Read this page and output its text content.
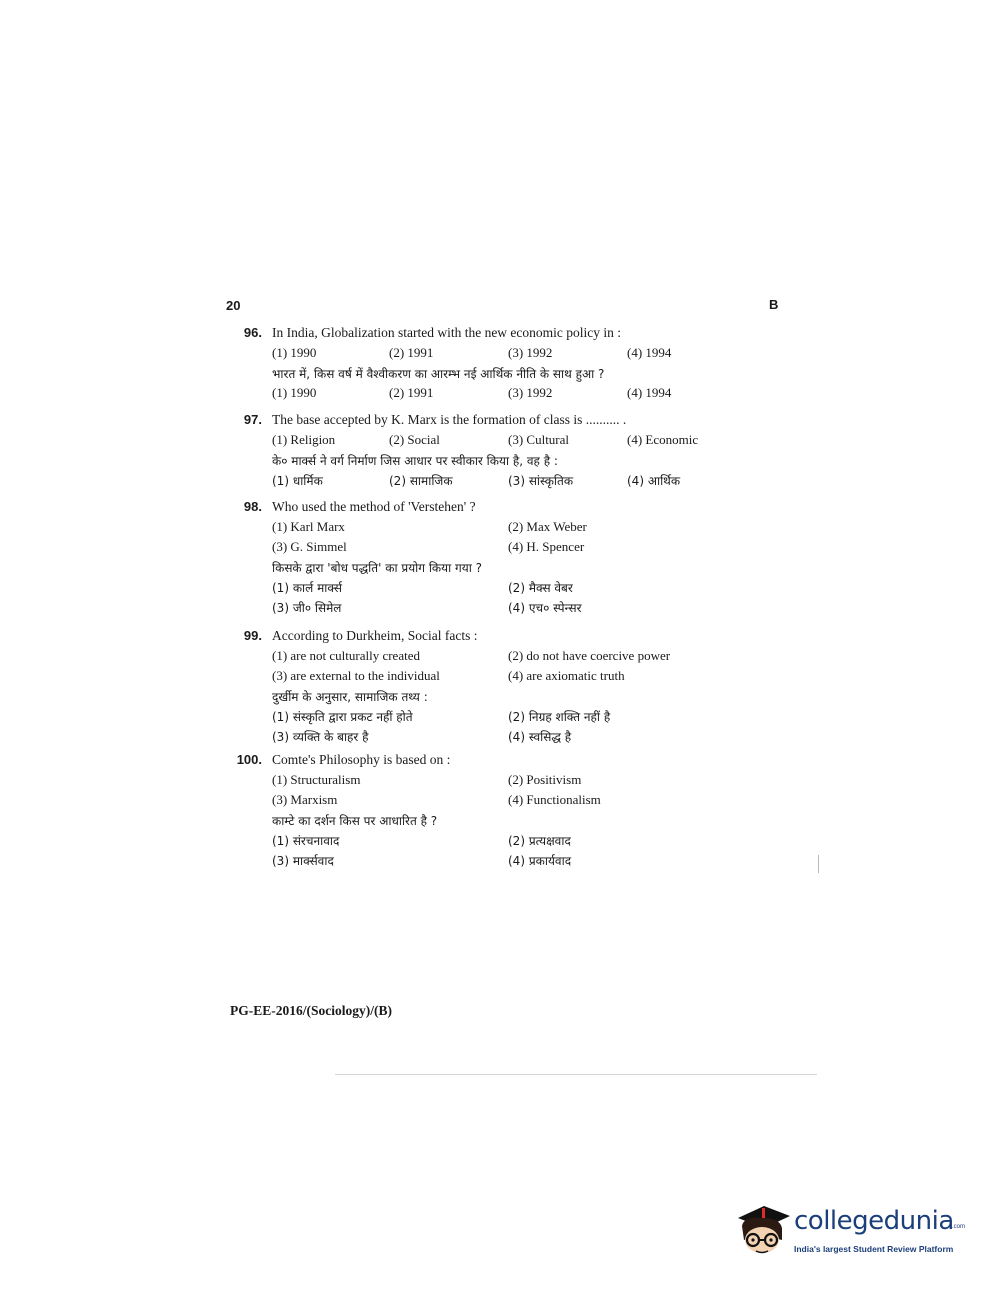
20	B
96. In India, Globalization started with the new economic policy in :
(1) 1990	(2) 1991	(3) 1992	(4) 1994
भारत में, किस वर्ष में वैश्वीकरण का आरम्भ नई आर्थिक नीति के साथ हुआ ?
(1) 1990	(2) 1991	(3) 1992	(4) 1994
97. The base accepted by K. Marx is the formation of class is .......... .
(1) Religion	(2) Social	(3) Cultural	(4) Economic
के० मार्क्स ने वर्ग निर्माण जिस आधार पर स्वीकार किया है, वह है :
(1) धार्मिक	(2) सामाजिक	(3) सांस्कृतिक	(4) आर्थिक
98. Who used the method of 'Verstehen' ?
(1) Karl Marx	(2) Max Weber
(3) G. Simmel	(4) H. Spencer
किसके द्वारा 'बोध पद्धति' का प्रयोग किया गया ?
(1) कार्ल मार्क्स	(2) मैक्स वेबर
(3) जी० सिमेल	(4) एच० स्पेन्सर
99. According to Durkheim, Social facts :
(1) are not culturally created	(2) do not have coercive power
(3) are external to the individual	(4) are axiomatic truth
दुर्खीम के अनुसार, सामाजिक तथ्य :
(1) संस्कृति द्वारा प्रकट नहीं होते	(2) निग्रह शक्ति नहीं है
(3) व्यक्ति के बाहर है	(4) स्वसिद्ध है
100. Comte's Philosophy is based on :
(1) Structuralism	(2) Positivism
(3) Marxism	(4) Functionalism
काम्टे का दर्शन किस पर आधारित है ?
(1) संरचनावाद	(2) प्रत्यक्षवाद
(3) मार्क्सवाद	(4) प्रकार्यवाद
PG-EE-2016/(Sociology)/(B)
collegedunia
.com
India's largest Student Review Platform
